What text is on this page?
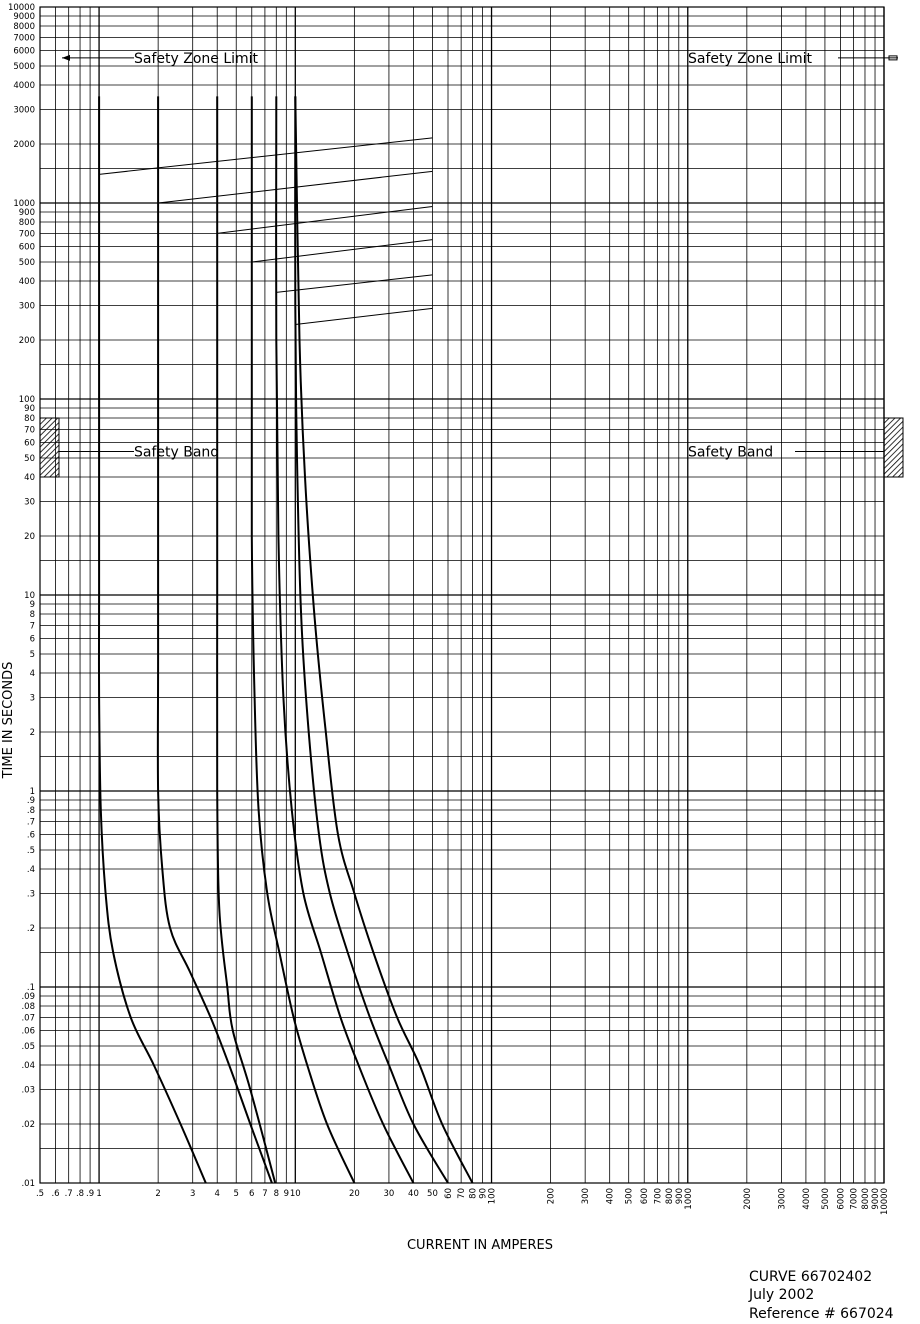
Safety Zone Limit	Safety Zone Limit
Safety Band	Safety Band
.01
.02
.03
.04
.05
.06
.07
.08
.09
.1
.2
.3
.4
.5
.6
.7
.8
.9
1
2
3
4
5
6
7
8
9
10
20
30
40
50
60
70
80
90
100
200
300
400
500
600
700
800
900
1000
2000
3000
4000
5000
6000
7000
8000
9000
10000
.5 .6 .7 .8 .9 1	2	3 4 5 6 7 8 9 10	20	30 40 50 60 70 80 90
100	200	300 400 500 600 700 800 900
1000	2000	3000 4000 5000 6000 7000 8000 9000
10000
TIME IN SECONDS
CURRENT IN AMPERES
CURVE 66702402
July 2002
Reference # 667024
